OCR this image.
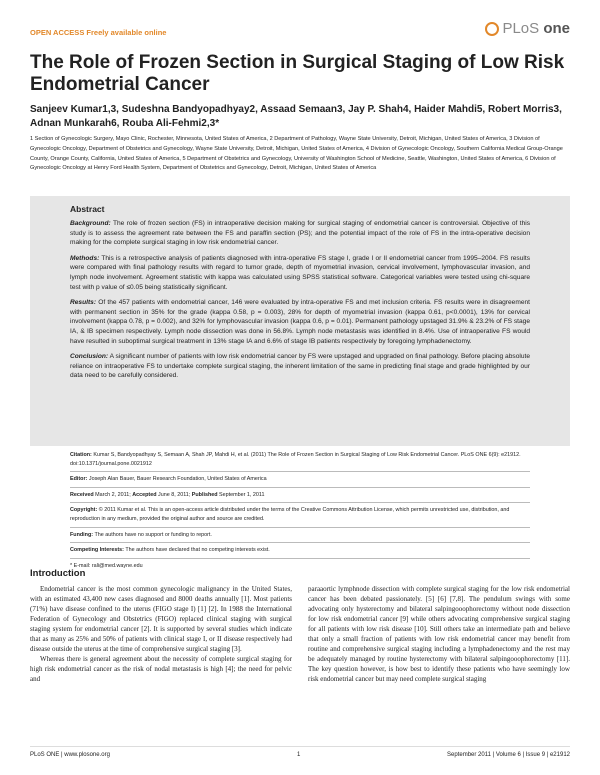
OPEN ACCESS Freely available online	PLoS one
The Role of Frozen Section in Surgical Staging of Low Risk Endometrial Cancer
Sanjeev Kumar1,3, Sudeshna Bandyopadhyay2, Assaad Semaan3, Jay P. Shah4, Haider Mahdi5, Robert Morris3, Adnan Munkarah6, Rouba Ali-Fehmi2,3*
1 Section of Gynecologic Surgery, Mayo Clinic, Rochester, Minnesota, United States of America, 2 Department of Pathology, Wayne State University, Detroit, Michigan, United States of America, 3 Division of Gynecologic Oncology, Department of Obstetrics and Gynecology, Wayne State University, Detroit, Michigan, United States of America, 4 Division of Gynecologic Oncology, Southern California Medical Group-Orange County, Orange County, California, United States of America, 5 Department of Obstetrics and Gynecology, University of Washington School of Medicine, Seattle, Washington, United States of America, 6 Division of Gynecologic Oncology at Henry Ford Health System, Department of Obstetrics and Gynecology, Detroit, Michigan, United States of America
Abstract

Background: The role of frozen section (FS) in intraoperative decision making for surgical staging of endometrial cancer is controversial. Objective of this study is to assess the agreement rate between the FS and paraffin section (PS); and the potential impact of the role of FS in the intra-operative decision making for the complete surgical staging in low risk endometrial cancer.

Methods: This is a retrospective analysis of patients diagnosed with intra-operative FS stage I, grade I or II endometrial cancer from 1995–2004. FS results were compared with final pathology results with regard to tumor grade, depth of myometrial invasion, cervical involvement, lymphovascular invasion, and lymph node involvement. Agreement statistic with kappa was calculated using SPSS statistical software. Categorical variables were tested using chi-square test with p value of ≤0.05 being statistically significant.

Results: Of the 457 patients with endometrial cancer, 146 were evaluated by intra-operative FS and met inclusion criteria. FS results were in disagreement with permanent section in 35% for the grade (kappa 0.58, p = 0.003), 28% for depth of myometrial invasion (kappa 0.61, p<0.0001), 13% for cervical involvement (kappa 0.78, p = 0.002), and 32% for lymphovascular invasion (kappa 0.6, p = 0.01). Permanent pathology upstaged 31.9% & 23.2% of FS stage IA, & IB specimen respectively. Lymph node dissection was done in 56.8%. Lymph node metastasis was identified in 8.4%. Use of intraoperative FS would have resulted in suboptimal surgical treatment in 13% stage IA and 6.6% of stage IB patients respectively by foregoing lymphadenectomy.

Conclusion: A significant number of patients with low risk endometrial cancer by FS were upstaged and upgraded on final pathology. Before placing absolute reliance on intraoperative FS to undertake complete surgical staging, the inherent limitation of the same in predicting final stage and grade highlighted by our data need to be carefully considered.

Citation: Kumar S, Bandyopadhyay S, Semaan A, Shah JP, Mahdi H, et al. (2011) The Role of Frozen Section in Surgical Staging of Low Risk Endometrial Cancer. PLoS ONE 6(9): e21912. doi:10.1371/journal.pone.0021912

Editor: Joseph Alan Bauer, Bauer Research Foundation, United States of America

Received March 2, 2011; Accepted June 8, 2011; Published September 1, 2011

Copyright: © 2011 Kumar et al. This is an open-access article distributed under the terms of the Creative Commons Attribution License, which permits unrestricted use, distribution, and reproduction in any medium, provided the original author and source are credited.

Funding: The authors have no support or funding to report.

Competing Interests: The authors have declared that no competing interests exist.

* E-mail: rali@med.wayne.edu

Introduction

Endometrial cancer is the most common gynecologic malignancy in the United States, with an estimated 43,400 new cases diagnosed and 8000 deaths annually [1]. Most patients (71%) have disease confined to the uterus (FIGO stage I) [1] [2]. In 1988 the International Federation of Gynecology and Obstetrics (FIGO) replaced clinical staging with surgical staging system for endometrial cancer [2]. It is supported by several studies which indicate that as many as 25% and 50% of patients with clinical stage I, or II disease respectively had disease outside the uterus at the time of comprehensive surgical staging [3].

Whereas there is general agreement about the necessity of complete surgical staging for high risk endometrial cancer as the risk of nodal metastasis is high [4]; the need for pelvic and

paraaortic lymphnode dissection with complete surgical staging for the low risk endometrial cancer has been debated passionately. [5] [6] [7,8]. The pendulum swings with some advocating only hysterectomy and bilateral salpingooophorectomy without node dissection for low risk endometrial cancer [9] while others advocating comprehensive surgical staging for all patients with low risk disease [10]. Still others take an intermediate path and believe that only a small fraction of patients with low risk endometrial cancer may benefit from routine and comprehensive surgical staging including a lymphadenectomy and the rest may be adequately managed by routine hysterectomy with bilateral salpingooophorectomy [11]. The key question however, is how best to identify these patients who have seemingly low risk endometrial cancer but may need complete surgical staging

PLoS ONE | www.plosone.org	1	September 2011 | Volume 6 | Issue 9 | e21912
